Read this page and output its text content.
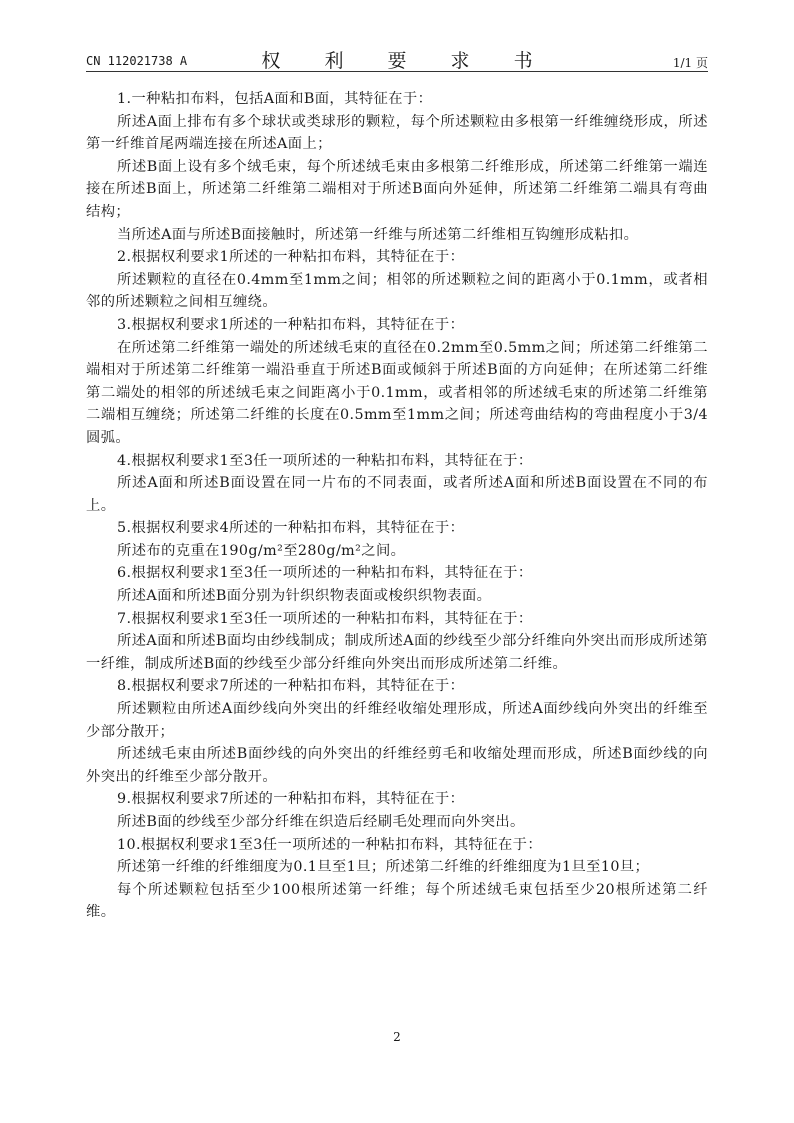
CN 112021738 A	权 利 要 求 书	1/1 页

1.一种粘扣布料，包括A面和B面，其特征在于：

所述A面上排布有多个球状或类球形的颗粒，每个所述颗粒由多根第一纤维缠绕形成，所述第一纤维首尾两端连接在所述A面上；

所述B面上设有多个绒毛束，每个所述绒毛束由多根第二纤维形成，所述第二纤维第一端连接在所述B面上，所述第二纤维第二端相对于所述B面向外延伸，所述第二纤维第二端具有弯曲结构；

当所述A面与所述B面接触时，所述第一纤维与所述第二纤维相互钩缠形成粘扣。

2.根据权利要求1所述的一种粘扣布料，其特征在于：

所述颗粒的直径在0.4mm至1mm之间；相邻的所述颗粒之间的距离小于0.1mm，或者相邻的所述颗粒之间相互缠绕。

3.根据权利要求1所述的一种粘扣布料，其特征在于：

在所述第二纤维第一端处的所述绒毛束的直径在0.2mm至0.5mm之间；所述第二纤维第二端相对于所述第二纤维第一端沿垂直于所述B面或倾斜于所述B面的方向延伸；在所述第二纤维第二端处的相邻的所述绒毛束之间距离小于0.1mm，或者相邻的所述绒毛束的所述第二纤维第二端相互缠绕；所述第二纤维的长度在0.5mm至1mm之间；所述弯曲结构的弯曲程度小于3/4圆弧。

4.根据权利要求1至3任一项所述的一种粘扣布料，其特征在于：

所述A面和所述B面设置在同一片布的不同表面，或者所述A面和所述B面设置在不同的布上。

5.根据权利要求4所述的一种粘扣布料，其特征在于：

所述布的克重在190g/m²至280g/m²之间。

6.根据权利要求1至3任一项所述的一种粘扣布料，其特征在于：

所述A面和所述B面分别为针织织物表面或梭织织物表面。

7.根据权利要求1至3任一项所述的一种粘扣布料，其特征在于：

所述A面和所述B面均由纱线制成；制成所述A面的纱线至少部分纤维向外突出而形成所述第一纤维，制成所述B面的纱线至少部分纤维向外突出而形成所述第二纤维。

8.根据权利要求7所述的一种粘扣布料，其特征在于：

所述颗粒由所述A面纱线向外突出的纤维经收缩处理形成，所述A面纱线向外突出的纤维至少部分散开；

所述绒毛束由所述B面纱线的向外突出的纤维经剪毛和收缩处理而形成，所述B面纱线的向外突出的纤维至少部分散开。

9.根据权利要求7所述的一种粘扣布料，其特征在于：

所述B面的纱线至少部分纤维在织造后经刷毛处理而向外突出。

10.根据权利要求1至3任一项所述的一种粘扣布料，其特征在于：

所述第一纤维的纤维细度为0.1旦至1旦；所述第二纤维的纤维细度为1旦至10旦；

每个所述颗粒包括至少100根所述第一纤维；每个所述绒毛束包括至少20根所述第二纤维。

2
